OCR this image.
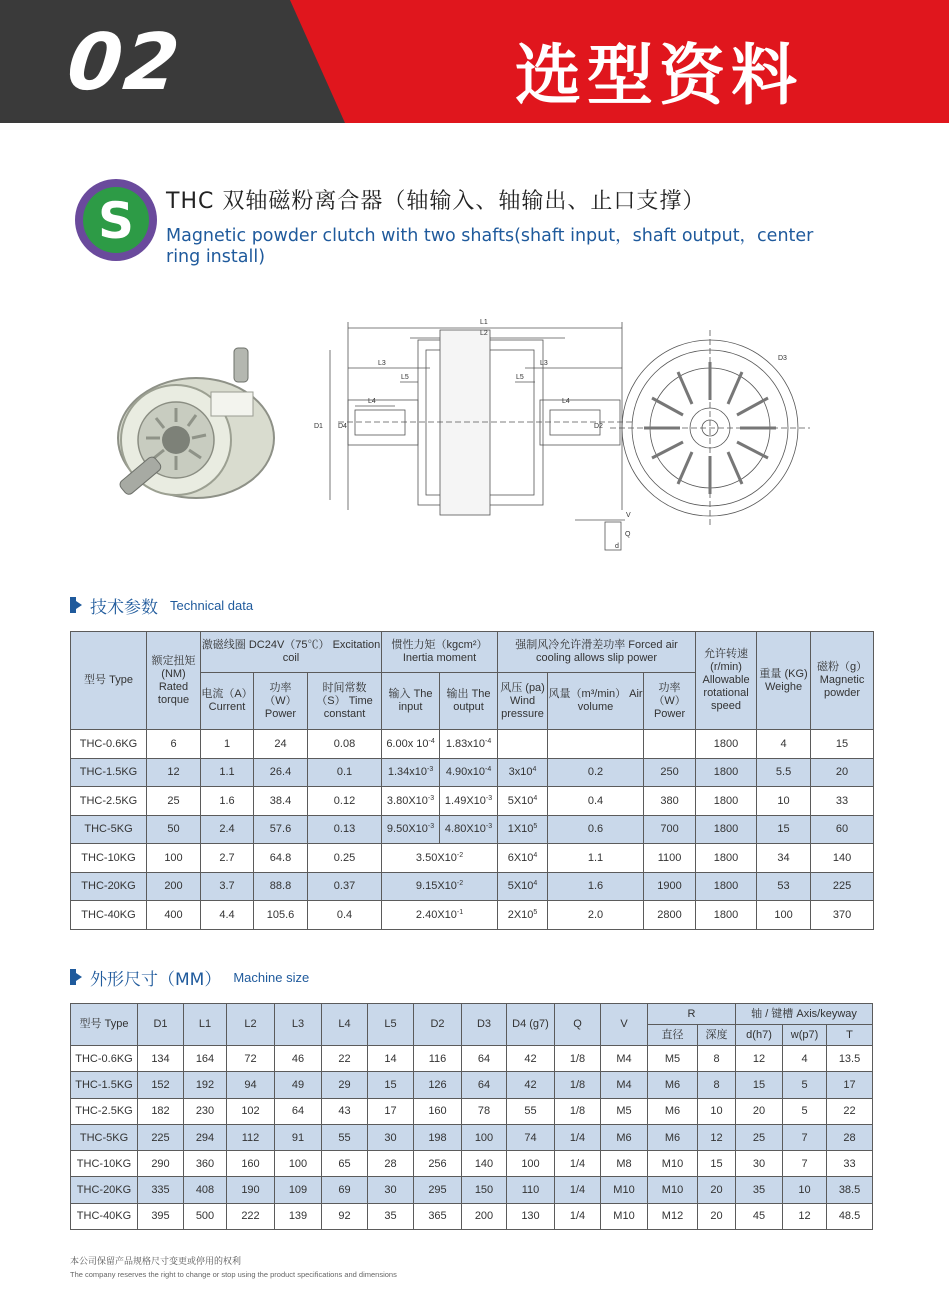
02	选型资料
S THC 双轴磁粉离合器（轴输入、轴输出、止口支撑）
Magnetic powder clutch with two shafts(shaft input，shaft output，center ring install)
L1
L2
L3	L3
L4	L4
L5	L5
D1	D2
D3
D4
V
Q
d
技术参数 Technical data
型号 Type	额定扭矩 (NM) Rated torque	激磁线圈 DC24V（75℃） Excitation coil			惯性力矩（kgcm²） Inertia moment		强制风冷允许滑差功率 Forced air cooling allows slip power			允许转速 (r/min) Allowable rotational speed	重量 (KG) Weighe	磁粉（g） Magnetic powder
		电流（A） Current	功率（W） Power	时间常数（S） Time constant	输入 The input	输出 The output	风压 (pa) Wind pressure	风量（m³/min） Air volume	功率（W） Power			
THC-0.6KG	6	1	24	0.08	6.00x $10^{-4}$	$1.83x10^{-4}$				1800	4	15
THC-1.5KG	12	1.1	26.4	0.1	$1.34x10^{-3}$	$4.90x10^{-4}$	$3x10^4$	0.2	250	1800	5.5	20
THC-2.5KG	25	1.6	38.4	0.12	$3.80X10^{-3}$	$1.49X10^{-3}$	$5X10^4$	0.4	380	1800	10	33
THC-5KG	50	2.4	57.6	0.13	$9.50X10^{-3}$	$4.80X10^{-3}$	$1X10^5$	0.6	700	1800	15	60
THC-10KG	100	2.7	64.8	0.25	$3.50X10^{-2}$		$6X10^4$	1.1	1100	1800	34	140
THC-20KG	200	3.7	88.8	0.37	$9.15X10^{-2}$		$5X10^4$	1.6	1900	1800	53	225
THC-40KG	400	4.4	105.6	0.4	$2.40X10^{-1}$		$2X10^5$	2.0	2800	1800	100	370
外形尺寸（MM） Machine size
型号 Type	D1	L1	L2	L3	L4	L5	D2	D3	D4 (g7)	Q	V	R		轴 / 键槽 Axis/keyway		
												直径	深度	d(h7)	w(p7)	T
THC-0.6KG	134	164	72	46	22	14	116	64	42	1/8	M4	M5	8	12	4	13.5
THC-1.5KG	152	192	94	49	29	15	126	64	42	1/8	M4	M6	8	15	5	17
THC-2.5KG	182	230	102	64	43	17	160	78	55	1/8	M5	M6	10	20	5	22
THC-5KG	225	294	112	91	55	30	198	100	74	1/4	M6	M6	12	25	7	28
THC-10KG	290	360	160	100	65	28	256	140	100	1/4	M8	M10	15	30	7	33
THC-20KG	335	408	190	109	69	30	295	150	110	1/4	M10	M10	20	35	10	38.5
THC-40KG	395	500	222	139	92	35	365	200	130	1/4	M10	M12	20	45	12	48.5
本公司保留产品规格尺寸变更或停用的权利
The company reserves the right to change or stop using the product specifications and dimensions
